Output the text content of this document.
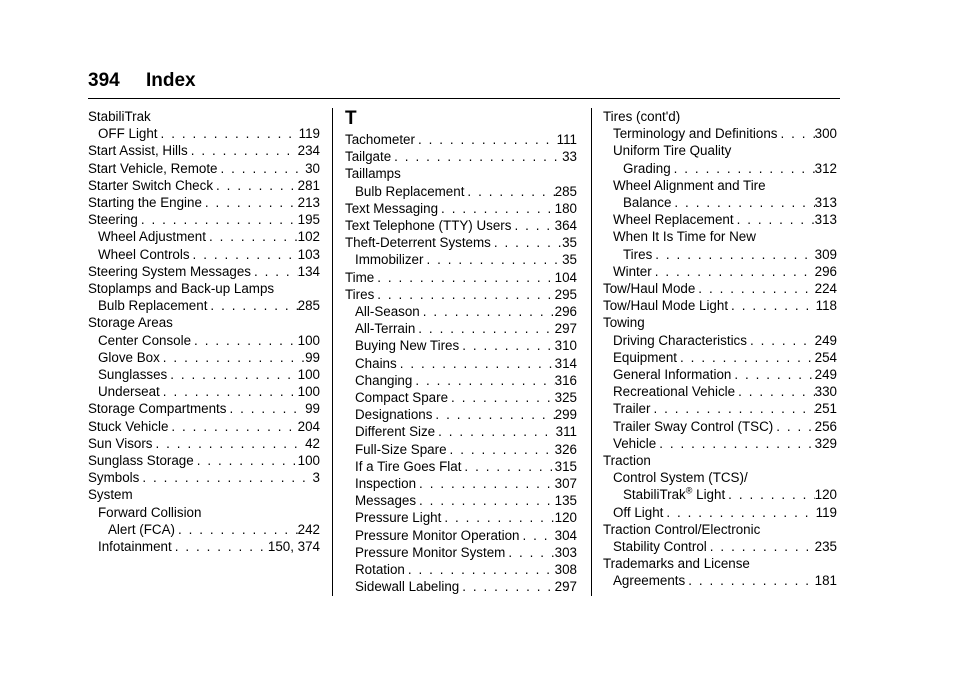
394 Index
StabiliTrak
OFF Light . . .	119
Start Assist, Hills . . .	234
Start Vehicle, Remote . . .	30
Starter Switch Check . . .	281
Starting the Engine . . .	213
Steering . . .	195
Wheel Adjustment . . .	102
Wheel Controls . . .	103
Steering System Messages . . .	134
Stoplamps and Back-up Lamps
Bulb Replacement . . .	285
Storage Areas
Center Console . . .	100
Glove Box . . .	99
Sunglasses . . .	100
Underseat . . .	100
Storage Compartments . . .	99
Stuck Vehicle . . .	204
Sun Visors . . .	42
Sunglass Storage . . .	100
Symbols . . .	3
System
Forward Collision
Alert (FCA) . . .	242
Infotainment . . .	150, 374
T
Tachometer . . .	111
Tailgate . . .	33
Taillamps
Bulb Replacement . . .	285
Text Messaging . . .	180
Text Telephone (TTY) Users . . .	364
Theft-Deterrent Systems . . .	35
Immobilizer . . .	35
Time . . .	104
Tires . . .	295
All-Season . . .	296
All-Terrain . . .	297
Buying New Tires . . .	310
Chains . . .	314
Changing . . .	316
Compact Spare . . .	325
Designations . . .	299
Different Size . . .	311
Full-Size Spare . . .	326
If a Tire Goes Flat . . .	315
Inspection . . .	307
Messages . . .	135
Pressure Light . . .	120
Pressure Monitor Operation . . .	304
Pressure Monitor System . . .	303
Rotation . . .	308
Sidewall Labeling . . .	297
Tires (cont'd)
Terminology and Definitions . . .	300
Uniform Tire Quality
Grading . . .	312
Wheel Alignment and Tire
Balance . . .	313
Wheel Replacement . . .	313
When It Is Time for New
Tires . . .	309
Winter . . .	296
Tow/Haul Mode . . .	224
Tow/Haul Mode Light . . .	118
Towing
Driving Characteristics . . .	249
Equipment . . .	254
General Information . . .	249
Recreational Vehicle . . .	330
Trailer . . .	251
Trailer Sway Control (TSC) . . .	256
Vehicle . . .	329
Traction
Control System (TCS)/
StabiliTrak® Light . . .	120
Off Light . . .	119
Traction Control/Electronic
Stability Control . . .	235
Trademarks and License
Agreements . . .	181
